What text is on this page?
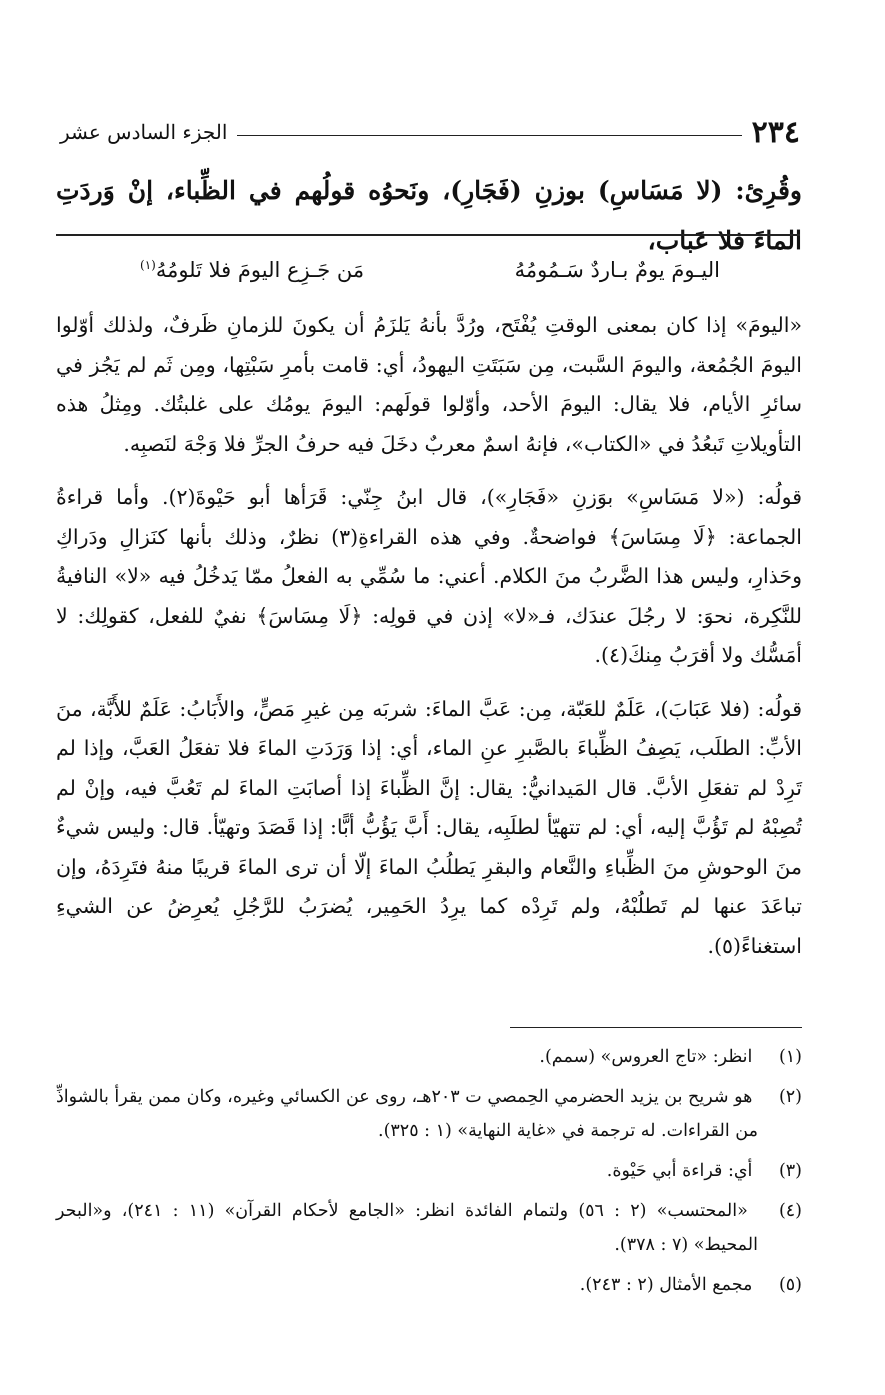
٢٣٤
الجزء السادس عشر
وقُرِئ: (لا مَسَاسِ) بوزنِ (فَجَارِ)، ونَحوُه قولُهم في الظِّباء، إنْ وَردَتِ الماءَ فلا عَباب،
اليـومَ يومٌ بـاردٌ سَـمُومُهُ
مَن جَـزِع اليومَ فلا تَلومُهُ$^{(١)}$

«اليومَ» إذا كان بمعنى الوقتِ يُفْتَح، ورُدَّ بأنهُ يَلزَمُ أن يكونَ للزمانِ ظَرفٌ، ولذلك أوّلوا اليومَ الجُمُعة، واليومَ السَّبت، مِن سَبَتَتِ اليهودُ، أي: قامت بأمرِ سَبْتِها، ومِن ثَم لم يَجُز في سائرِ الأيام، فلا يقال: اليومَ الأحد، وأوّلوا قولَهم: اليومَ يومُك على غلبتُك. ومِثلُ هذه التأويلاتِ تَبعُدُ في «الكتاب»، فإنهُ اسمٌ معربٌ دخَلَ فيه حرفُ الجرِّ فلا وَجْهَ لنَصبِه.

قولُه: («لا مَسَاسِ» بوَزنِ «فَجَارِ»)، قال ابنُ جِنّي: قَرَأها أبو حَيْوةَ(٢). وأما قراءةُ الجماعة: ﴿لَا مِسَاسَ﴾ فواضحةٌ. وفي هذه القراءةِ(٣) نظرٌ، وذلك بأنها كنَزالِ ودَراكِ وحَذارِ، وليس هذا الضَّربُ منَ الكلام. أعني: ما سُمِّي به الفعلُ ممّا يَدخُلُ فيه «لا» النافيةُ للنَّكِرة، نحوَ: لا رجُلَ عندَك، فـ«لا» إذن في قولِه: ﴿لَا مِسَاسَ﴾ نفيٌ للفعل، كقولِك: لا أمَسُّك ولا أقرَبُ مِنكَ(٤).

قولُه: (فلا عَبَابَ)، عَلَمٌ للعَبّة، مِن: عَبَّ الماءَ: شربَه مِن غيرِ مَصٍّ، والأَبَابُ: عَلَمٌ للأَبَّة، منَ الأبِّ: الطلَب، يَصِفُ الظِّباءَ بالصَّبرِ عنِ الماء، أي: إذا وَرَدَتِ الماءَ فلا تفعَلُ العَبَّ، وإذا لم تَرِدْ لم تفعَلِ الأبَّ. قال المَيدانيُّ: يقال: إنَّ الظِّباءَ إذا أصابَتِ الماءَ لم تَعُبَّ فيه، وإنْ لم تُصِبْهُ لم تَؤُبَّ إليه، أي: لم تتهيّأ لطلَبِه، يقال: أَبَّ يَؤُبُّ أبًّا: إذا قَصَدَ وتهيّأ. قال: وليس شيءٌ منَ الوحوشِ منَ الظِّباءِ والنَّعام والبقرِ يَطلُبُ الماءَ إلّا أن ترى الماءَ قريبًا منهُ فتَرِدَهُ، وإن تباعَدَ عنها لم تَطلُبْهُ، ولم تَرِدْه كما يرِدُ الحَمِير، يُضرَبُ للرَّجُلِ يُعرِضُ عن الشيءِ استغناءً(٥).

(١) انظر: «تاج العروس» (سمم).

(٢) هو شريح بن يزيد الحضرمي الحِمصي ت ٢٠٣هـ، روى عن الكسائي وغيره، وكان ممن يقرأ بالشواذِّ من القراءات. له ترجمة في «غاية النهاية» (١ : ٣٢٥).

(٣) أي: قراءة أبي حَيْوة.

(٤) «المحتسب» (٢ : ٥٦) ولتمام الفائدة انظر: «الجامع لأحكام القرآن» (١١ : ٢٤١)، و«البحر المحيط» (٧ : ٣٧٨).

(٥) مجمع الأمثال (٢ : ٢٤٣).
